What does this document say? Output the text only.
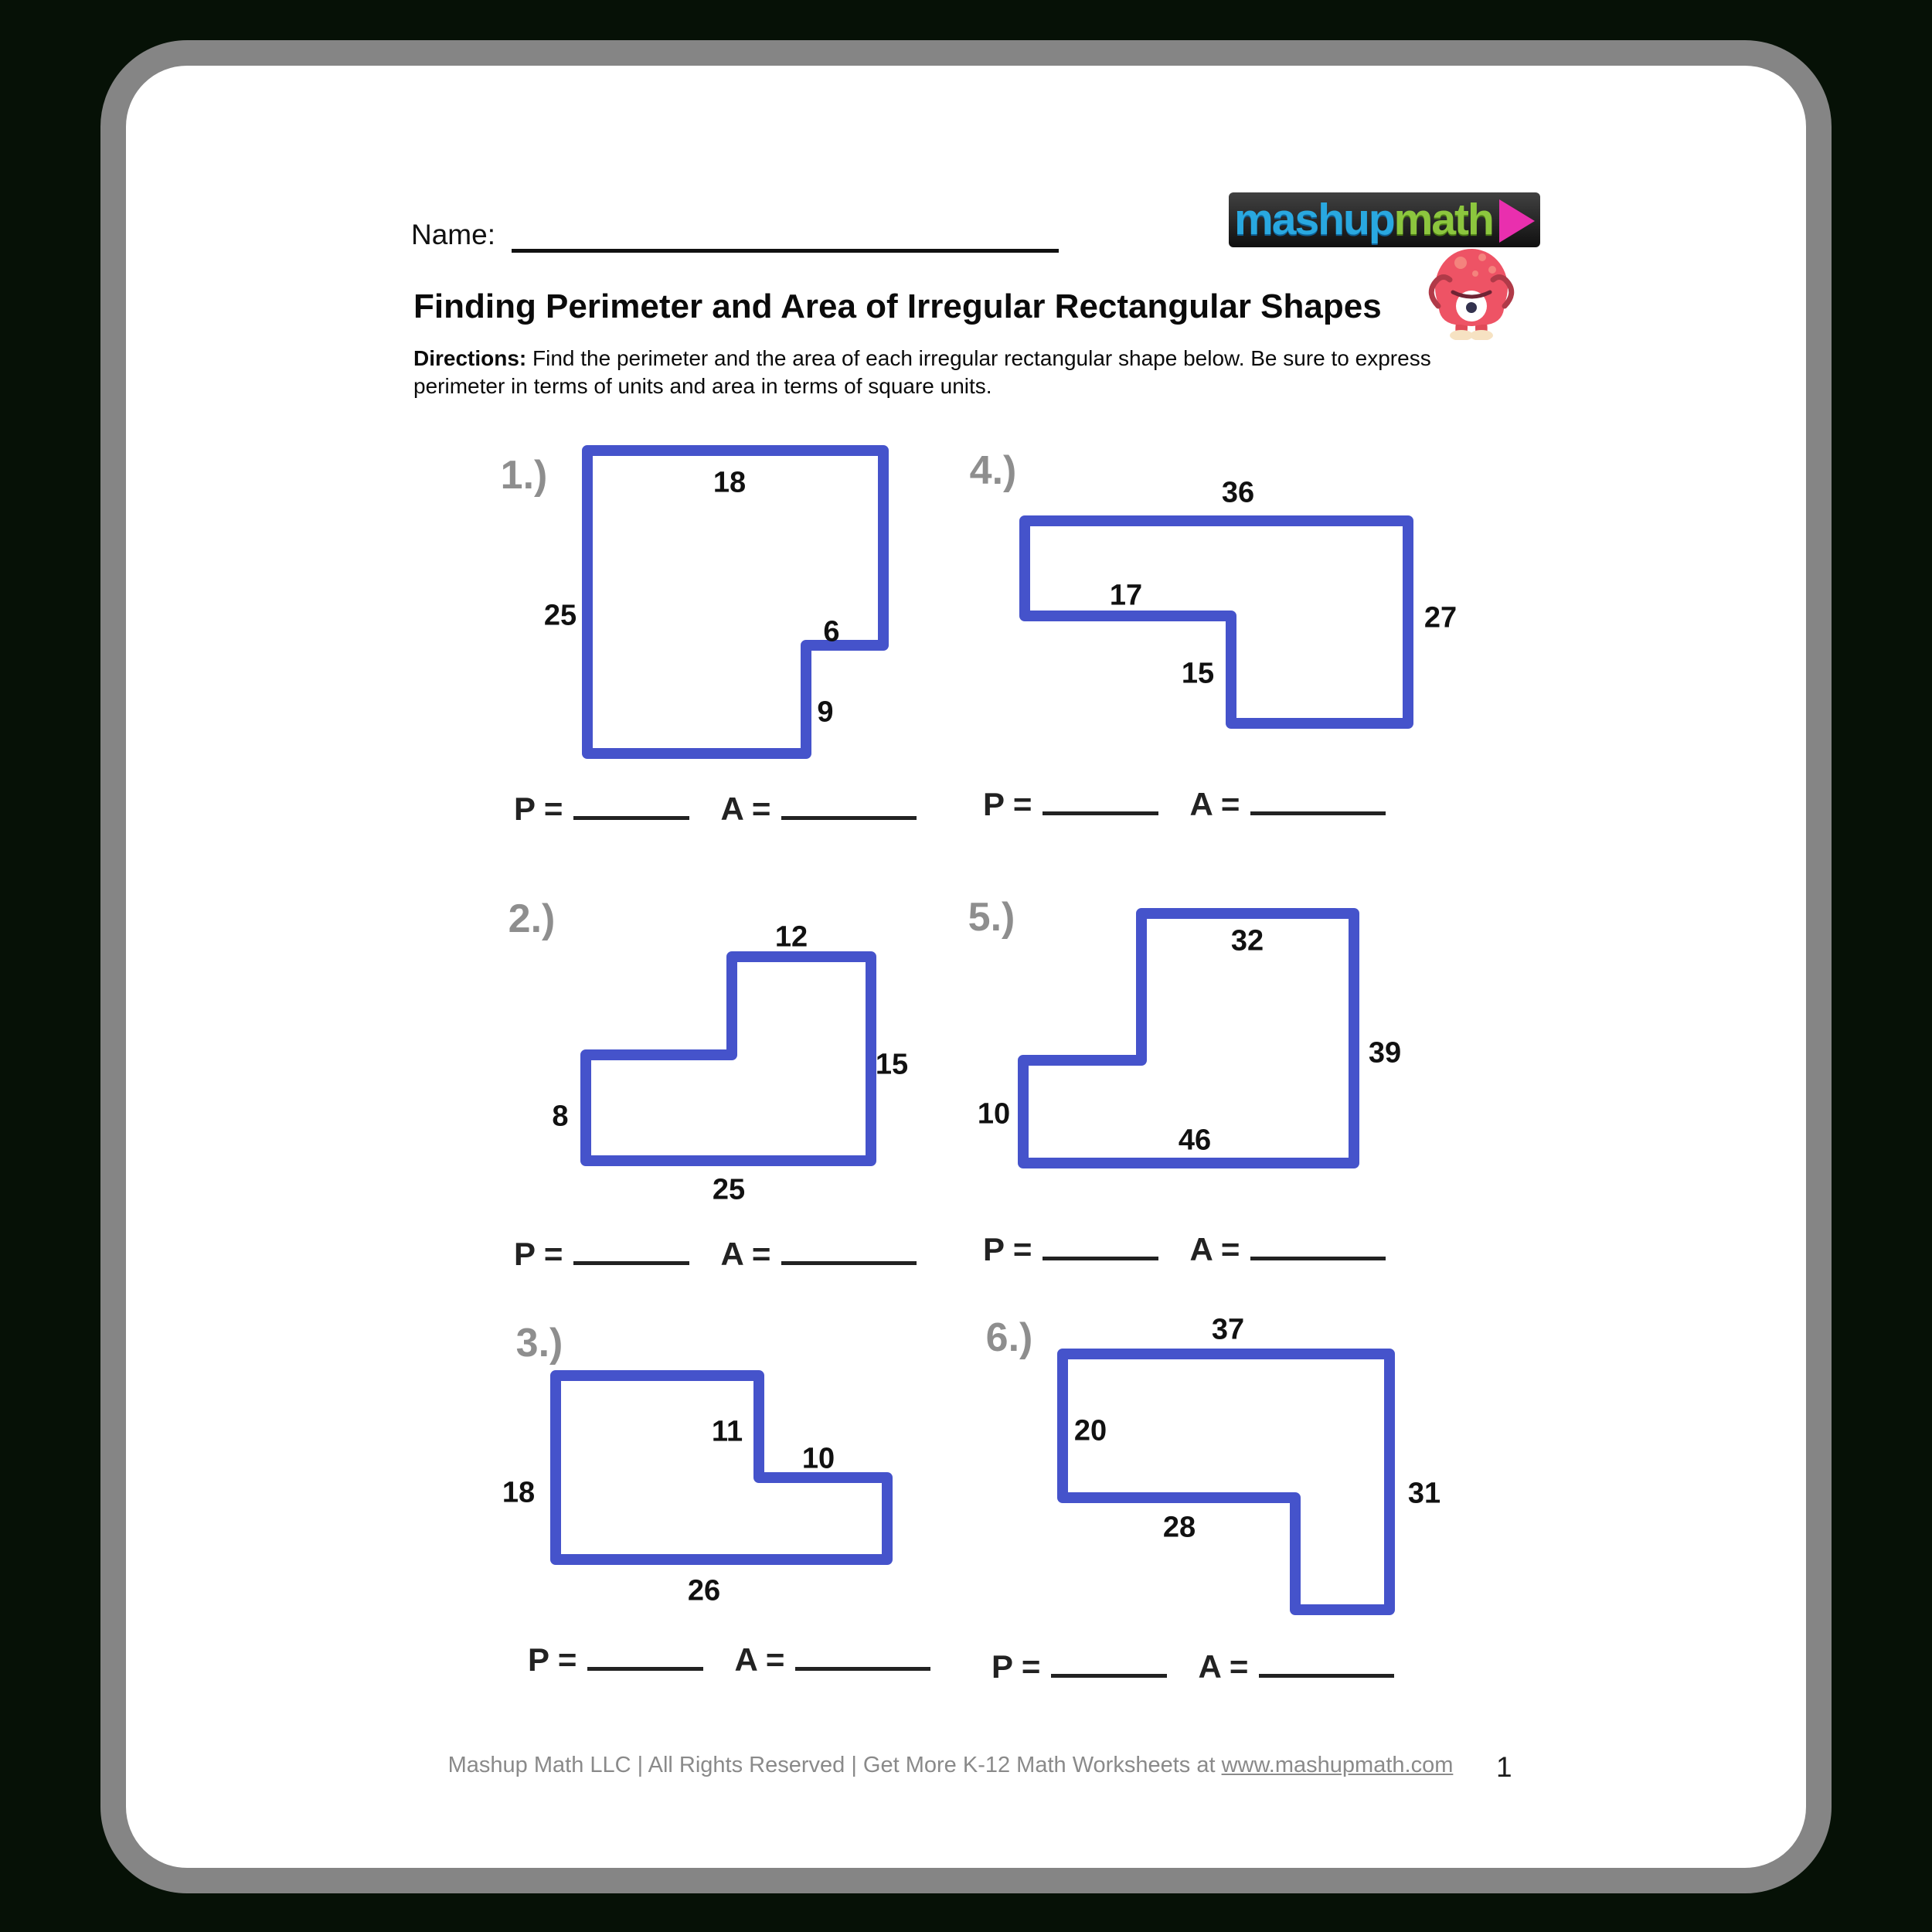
Name:	mashup math
Finding Perimeter and Area of Irregular Rectangular Shapes
Directions: Find the perimeter and the area of each irregular rectangular shape below. Be sure to express perimeter in terms of units and area in terms of square units.
1.)
P =	A =
18
25	6
9
2.)
P =	A =
12
15
8
25
3.)
P =	A =
11
10
18
26
4.)
P =	A =
36
17
27
15
5.)
P =	A =
32
39
10
46
6.)
P =	A =
37
20
31
28
Mashup Math LLC | All Rights Reserved | Get More K-12 Math Worksheets at www.mashupmath.com	1
